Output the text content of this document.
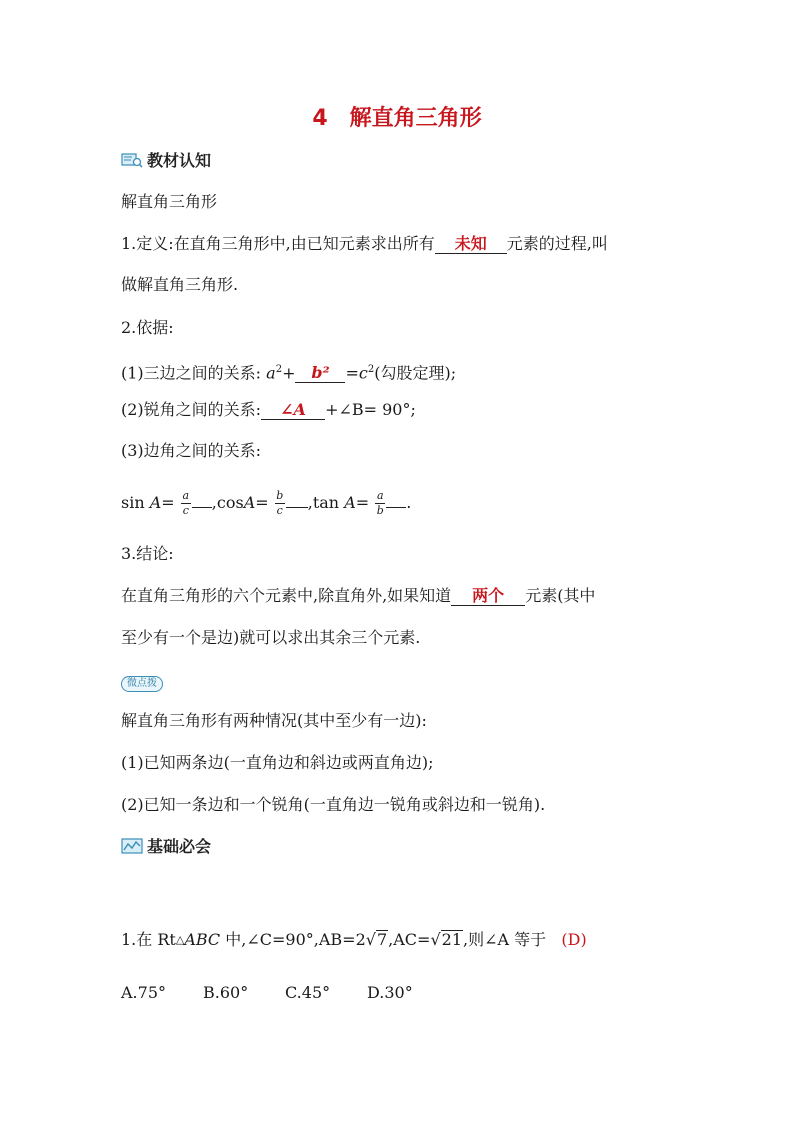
4 解直角三角形
教材认知
解直角三角形
1.定义:在直角三角形中,由已知元素求出所有 未知 元素的过程,叫
做解直角三角形.
2.依据:
(1)三边之间的关系: $a^2+ b^2 =c^2$(勾股定理);
(2)锐角之间的关系: ∠A +∠B= 90°;
(3)边角之间的关系:
$\sin A= \frac{a}{c} ,\cos A= \frac{b}{c} ,\tan$ $A= \frac{a}{b}$ .
3.结论:
在直角三角形的六个元素中,除直角外,如果知道 两个 元素(其中
至少有一个是边)就可以求出其余三个元素.
微点拨
解直角三角形有两种情况(其中至少有一边):
(1)已知两条边(一直角边和斜边或两直角边);
(2)已知一条边和一个锐角(一直角边一锐角或斜边和一锐角).
基础必会
1.在 Rt△ABC 中,∠C=90°,AB=2√7,AC=√21,则∠A 等于 (D)
A.75° B.60° C.45° D.30°
